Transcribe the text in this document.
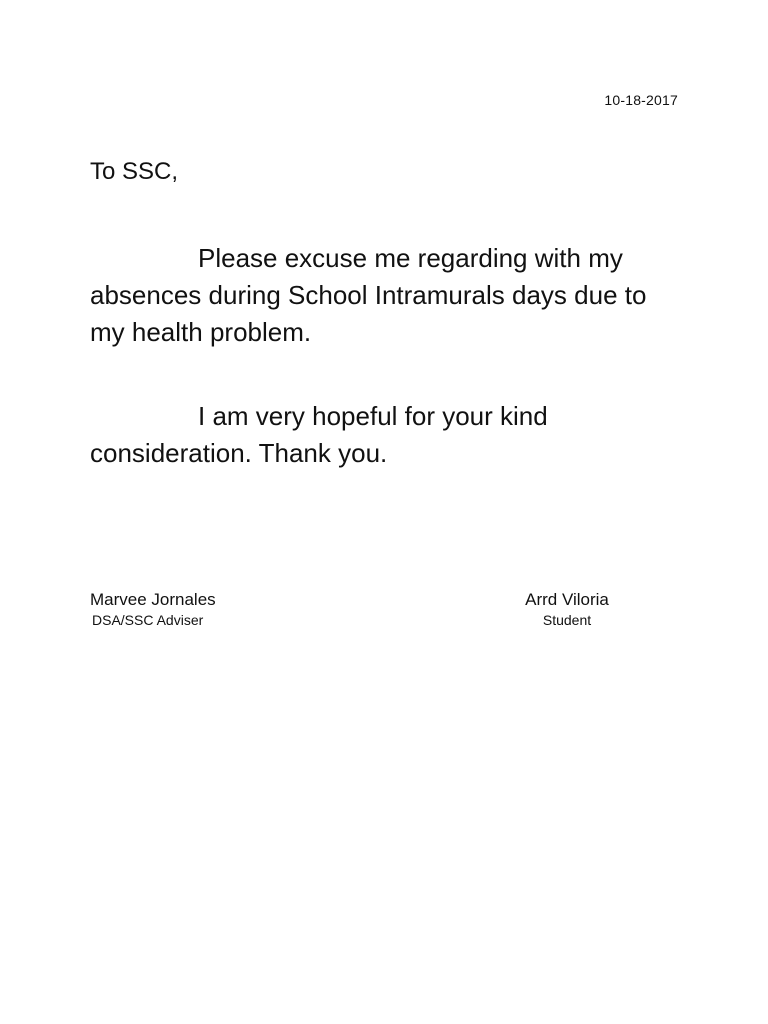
10-18-2017
To SSC,

Please excuse me regarding with my absences during School Intramurals days due to my health problem.

I am very hopeful for your kind consideration. Thank you.

Marvee Jornales
DSA/SSC Adviser
Arrd Viloria
Student
